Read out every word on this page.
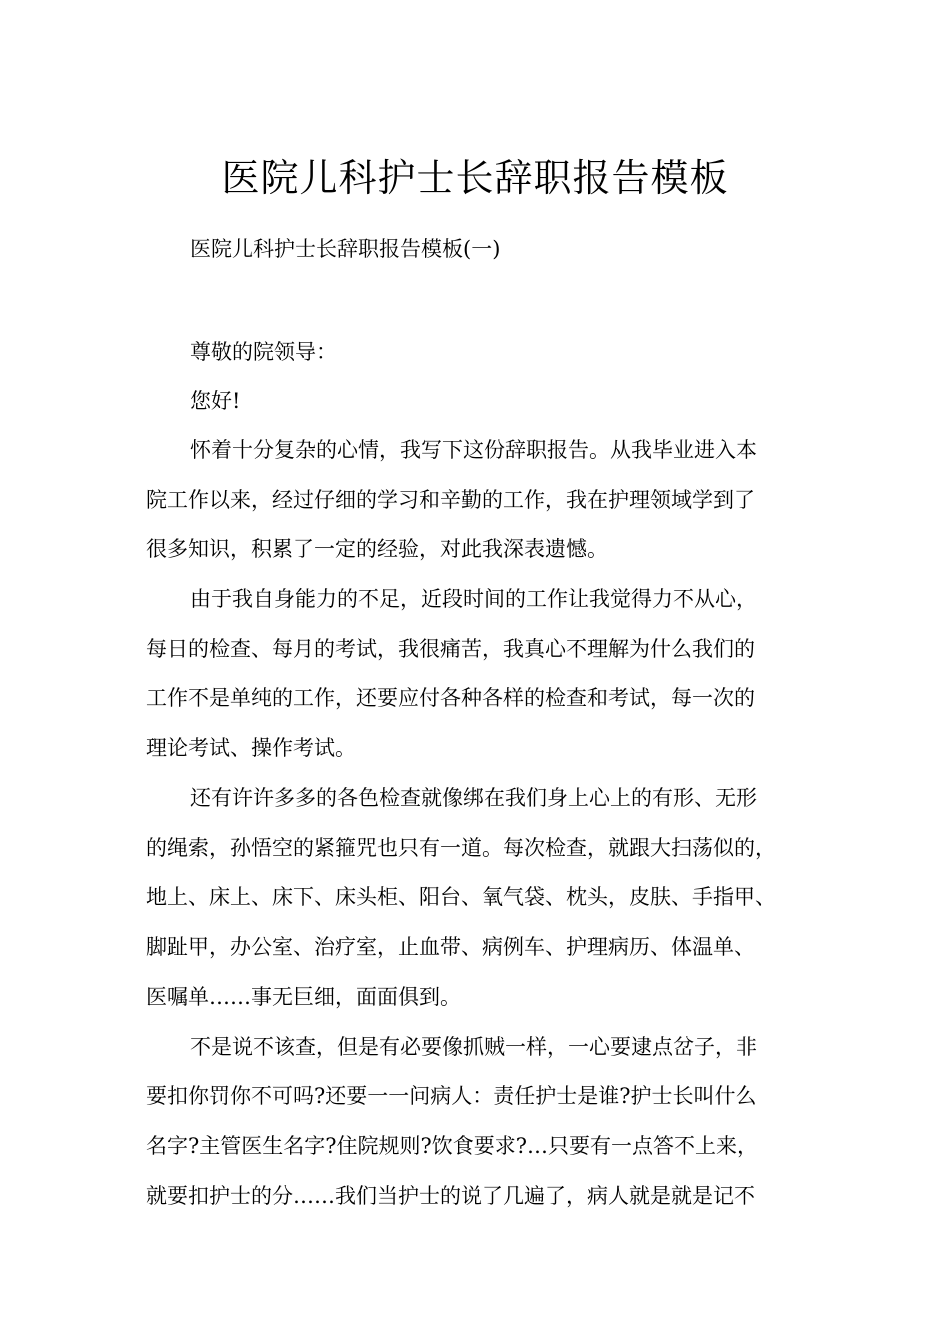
医院儿科护士长辞职报告模板
医院儿科护士长辞职报告模板(一)
尊敬的院领导：
您好!
怀着十分复杂的心情，我写下这份辞职报告。从我毕业进入本
院工作以来，经过仔细的学习和辛勤的工作，我在护理领域学到了
很多知识，积累了一定的经验，对此我深表遗憾。
由于我自身能力的不足，近段时间的工作让我觉得力不从心，
每日的检查、每月的考试，我很痛苦，我真心不理解为什么我们的
工作不是单纯的工作，还要应付各种各样的检查和考试，每一次的
理论考试、操作考试。
还有许许多多的各色检查就像绑在我们身上心上的有形、无形
的绳索，孙悟空的紧箍咒也只有一道。每次检查，就跟大扫荡似的，
地上、床上、床下、床头柜、阳台、氧气袋、枕头，皮肤、手指甲、
脚趾甲，办公室、治疗室，止血带、病例车、护理病历、体温单、
医嘱单……事无巨细，面面俱到。
不是说不该查，但是有必要像抓贼一样，一心要逮点岔子，非
要扣你罚你不可吗?还要一一问病人：责任护士是谁?护士长叫什么
名字?主管医生名字?住院规则?饮食要求?…只要有一点答不上来，
就要扣护士的分……我们当护士的说了几遍了，病人就是就是记不
